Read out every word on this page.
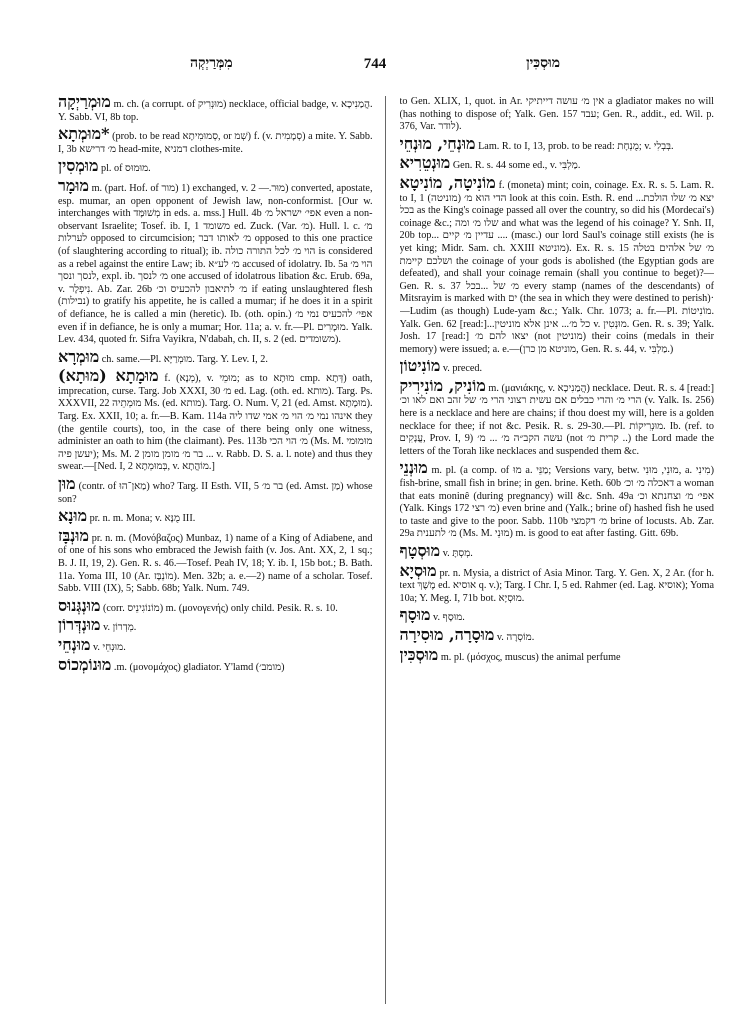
מִמְּרַיְקְה	744	מוּסְכִּין

מוּמְרַיְקָה m. ch. (a corrupt. of מוּנְרִיק) necklace, official badge, v. הֲמַנִיכָא. Y. Sabb. VI, 8b top.

*מוּמְתָא (prob. to be read סְמוּמִיתָא, or שְׁמ) f. (v. סְמָמִית) a mite. Y. Sabb. I, 3b מ׳ דרישא head-mite, דמניא clothes-mite.

מוּמְסִין pl. of מוּמוּס.

מוּמָר m. (part. Hof. of מור) 1) exchanged, v. מוּר.— 2) converted, apostate, esp. mumar, an open opponent of Jewish law, non-conformist. [Our w. interchanges with מְשׁוּמָּד in eds. a. mss.] Hull. 4b אפי׳ ישראל מ׳ even a non-observant Israelite; Tosef. ib. I, 1 משומד ed. Zuck. (Var. מ׳). Hull. l. c. מ׳ לערלות opposed to circumcision; מ׳ לאותו דבר opposed to this one practice (of slaughtering according to ritual); ib. הוי מ׳ לכל התורה כולה is considered as a rebel against the entire Law; ib. מ׳ לע״א accused of idolatry. Ib. 5a הוי מ׳ לנסך ונסך, expl. ib. מ׳ לנסך one accused of idolatrous libation &c. Erub. 69a, v. נִיפְלָר. Ab. Zar. 26b מ׳ לתיאבון להכעיס וכ׳ if eating unslaughtered flesh (נבילות) to gratify his appetite, he is called a mumar; if he does it in a spirit of defiance, he is called a min (heretic). Ib. (oth. opin.) אפי׳ להכעיס נמי מ׳ even if in defiance, he is only a mumar; Hor. 11a; a. v. fr.—Pl. מוּמָרִים. Yalk. Lev. 434, quoted fr. Sifra Vayikra, N'dabah, ch. II, s. 2 (ed. משומדים).

מוּמְרָא ch. same.—Pl. מוּמְרַיָּא. Targ. Y. Lev. I, 2.

מוּמָתָא (מוּתָא) f. (מְנָא), v. מוּמֵי; as to מוּתָא cmp. דְּתָא) oath, imprecation, curse. Targ. Job XXXI, 30 מ׳ ed. Lag. (oth. ed. מותא). Targ. Ps. XXXVII, 22 מוּמְתֵיה Ms. (ed. מותא). Targ. O. Num. V, 21 (ed. Amst. מוּמָתָא). Targ. Ex. XXII, 10; a. fr.—B. Kam. 114a אינהו נמי מ׳ הוי מ׳ אמי שדו ליה they (the gentile courts), too, in the case of there being only one witness, administer an oath to him (the claimant). Pes. 113b מ׳ הוי הכי (Ms. M. מוּמוּמי יעשן פיה); Ms. M. 2 בר מ׳ מומן מומן ... v. Rabb. D. S. a. l. note) and thus they swear.—[Ned. I, 2 בְּמוּמְתָא, v. מוֹהֲתָא.]

מוּן (contr. of מַאן־הוּ) who? Targ. II Esth. VII, 5 בר מ׳ (ed. Amst. מַן) whose son?

מוּנָא pr. n. m. Mona; v. מֻנָּא III.

מוּנְבָּז pr. n. m. (Μονόβαζος) Munbaz, 1) name of a King of Adiabene, and of one of his sons who embraced the Jewish faith (v. Jos. Ant. XX, 2, 1 sq.; B. J. II, 19, 2). Gen. R. s. 46.—Tosef. Peah IV, 18; Y. ib. I, 15b bot.; B. Bath. 11a. Yoma III, 10 (Ar. מוֹנְבָּז). Men. 32b; a. e.—2) name of a scholar. Tosef. Sabb. VIII (IX), 5; Sabb. 68b; Yalk. Num. 749.

מוּנְגְּנוּס (corr. מוֹנוֹגִינֵיס) m. (μονογενής) only child. Pesik. R. s. 10.

מוּנְדְּרוֹן v. מְדְרוֹן.

מוּנְחֵי v. מוּנְחֵי.

מוּנוֹמְכוֹס (מומב׳) m. (μονομάχος) gladiator. Y'lamd.

to Gen. XLIX, 1, quot. in Ar. אין מ׳ עושה דייתיקי a gladiator makes no will (has nothing to dispose of; Yalk. Gen. 157 עבד; Gen. R., addit., ed. Wil. p. 376, Var. לודר).

מוּנְחֵי, מוּנְחֵי Lam. R. to I, 13, prob. to be read: מֻנְחָת; v. בְּבְלִי.

מוּנְטֵרִיא Gen. R. s. 44 some ed., v. מַלְבִּי.

מוֹנִיטָה, מוֹנִיטָא f. (moneta) mint; coin, coinage. Ex. R. s. 5. Lam. R. to I, 1 (מוניטה) הדי הוא מ׳ look at this coin. Esth. R. end ...יצא מ׳ שלו הולכת בכל as the King's coinage passed all over the country, so did his (Mordecai's) coinage &c.; שלו מ׳ ומה and what was the legend of his coinage? Y. Snh. II, 20b top... עדיין מ׳ קיים .... (masc.) our lord Saul's coinage still exists (he is yet king; Midr. Sam. ch. XXIII מוניטא). Ex. R. s. 15 מ׳ של אלהים בטלה ושלכם קיימת the coinage of your gods is abolished (the Egyptian gods are defeated), and shall your coinage remain (shall you continue to beget)?—Gen. R. s. 37 מ׳ של ...בכל every stamp (names of the descendants) of Mitsrayim is marked with ים (the sea in which they were destined to perish)·—Ludim (as though) Lude-yam &c.; Yalk. Chr. 1073; a. fr.—Pl. מוֹנִיטוֹת. Yalk. Gen. 62 [read:]...כל מ׳... אינן אלא מוניטין v. מוּנְטִין. Gen. R. s. 39; Yalk. Josh. 17 [read:] יצאו להם מ׳ (not מוניטין) their coins (medals in their memory) were issued; a. e.—(מוניטא מן כרן, Gen. R. s. 44, v. מַלְבִּי.)

מוֹנִיטוֹן v. preced.

מוֹנִיק, מוֹנִירִיק m. (μανιάκης, v. הֲמַנִיכָא) necklace. Deut. R. s. 4 [read:] הרי מ׳ והרי כבלים אם עשית רצוני הרי מ׳ של זהב ואם לאו וכ׳ (v. Yalk. Is. 256) here is a necklace and here are chains; if thou doest my will, here is a golden necklace for thee; if not &c. Pesik. R. s. 29-30.—Pl. מוּנְרִיקוֹת. Ib. (ref. to עֲנָקִים, Prov. I, 9) עשה הקב״ה מ׳ ... מ׳ (not קרית מ׳ ..) the Lord made the letters of the Torah like necklaces and suspended them &c.

מוּנְנֵי m. pl. (a comp. of מוּ a. מַנֵּי; Versions vary, betw. מוּנֵי, מוּנִי, a. מִינִי) fish-brine, small fish in brine; in gen. brine. Keth. 60b דאכלה מ׳ וכ׳ a woman that eats moninê (during pregnancy) will &c. Snh. 49a אפי׳ מ׳ וצחנתא וכ׳ (Yalk. Kings 172 מ׳ רצי) even brine and (Yalk.; brine of) hashed fish he used to taste and give to the poor. Sabb. 110b מ׳ דקמצי brine of locusts. Ab. Zar. 29a מ׳ לתענית (Ms. M. מוּנֵי) m. is good to eat after fasting. Gitt. 69b.

מוּסְטָף v. מְסְתָּ.

מוּסְיָא pr. n. Mysia, a district of Asia Minor. Targ. Y. Gen. X, 2 Ar. (for h. text מֶשֶׁךְ ed. אוסיא q. v.); Targ. I Chr. I, 5 ed. Rahmer (ed. Lag. אוסיא); Yoma 10a; Y. Meg. I, 71b bot. מוּסְיָא.

מוּסָף v. מוּסָף.

מוּסָרָה, מוּסִירָה v. מוֹסְרָה.

מוּסְכִּין m. pl. (μόσχος, muscus) the animal perfume
